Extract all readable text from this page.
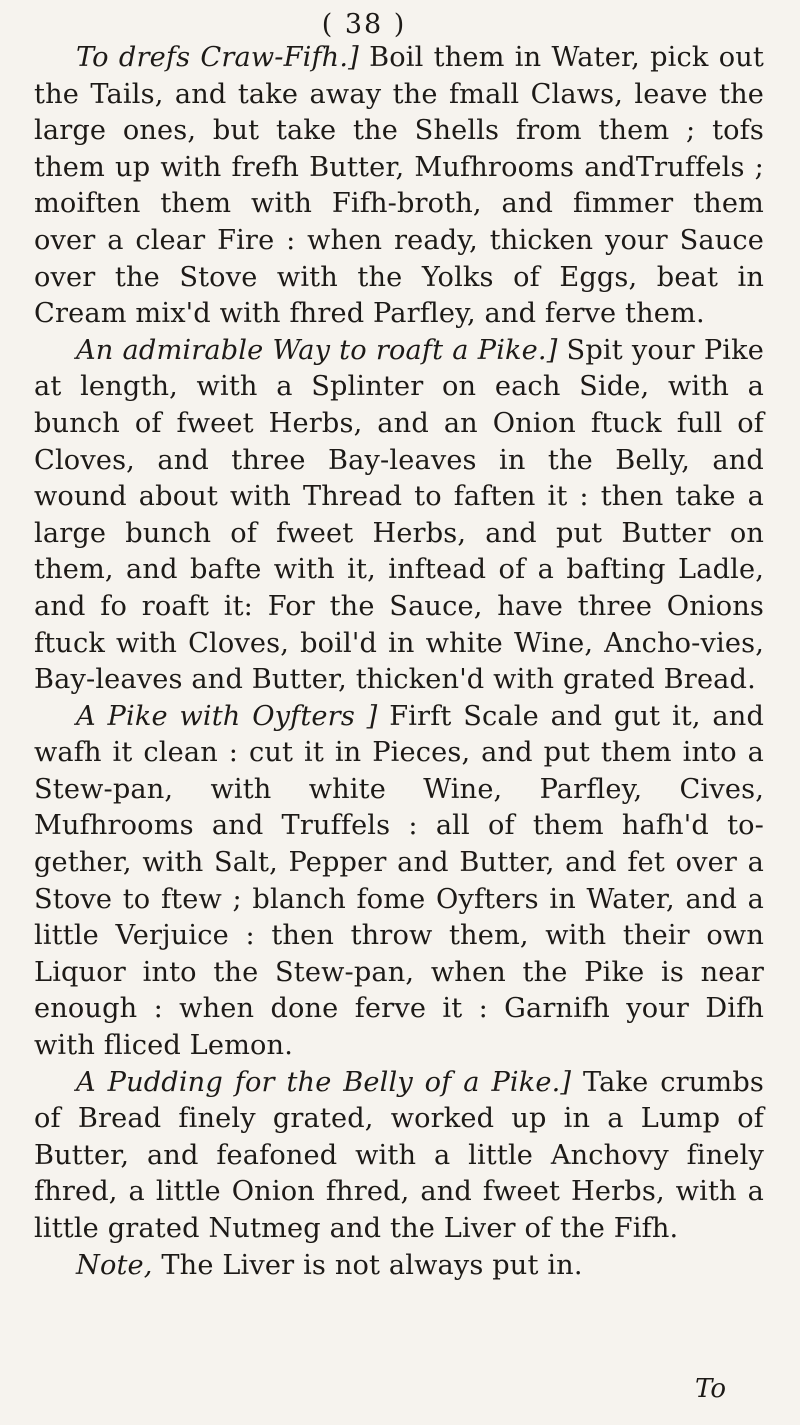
( 38 )

To drefs Craw-Fifh.] Boil them in Water, pick out the Tails, and take away the fmall Claws, leave the large ones, but take the Shells from them ; tofs them up with frefh Butter, Mufhrooms andTruffels ; moiften them with Fifh-broth, and fimmer them over a clear Fire : when ready, thicken your Sauce over the Stove with the Yolks of Eggs, beat in Cream mix'd with fhred Parfley, and ferve them.

An admirable Way to roaft a Pike.] Spit your Pike at length, with a Splinter on each Side, with a bunch of fweet Herbs, and an Onion ftuck full of Cloves, and three Bay-leaves in the Belly, and wound about with Thread to faften it : then take a large bunch of fweet Herbs, and put Butter on them, and bafte with it, inftead of a bafting Ladle, and fo roaft it: For the Sauce, have three Onions ftuck with Cloves, boil'd in white Wine, Ancho-vies, Bay-leaves and Butter, thicken'd with grated Bread.

A Pike with Oyfters ] Firft Scale and gut it, and wafh it clean : cut it in Pieces, and put them into a Stew-pan, with white Wine, Parfley, Cives, Mufhrooms and Truffels : all of them hafh'd to-gether, with Salt, Pepper and Butter, and fet over a Stove to ftew ; blanch fome Oyfters in Water, and a little Verjuice : then throw them, with their own Liquor into the Stew-pan, when the Pike is near enough : when done ferve it : Garnifh your Difh with fliced Lemon.

A Pudding for the Belly of a Pike.] Take crumbs of Bread finely grated, worked up in a Lump of Butter, and feafoned with a little Anchovy finely fhred, a little Onion fhred, and fweet Herbs, with a little grated Nutmeg and the Liver of the Fifh.

Note, The Liver is not always put in.

To
